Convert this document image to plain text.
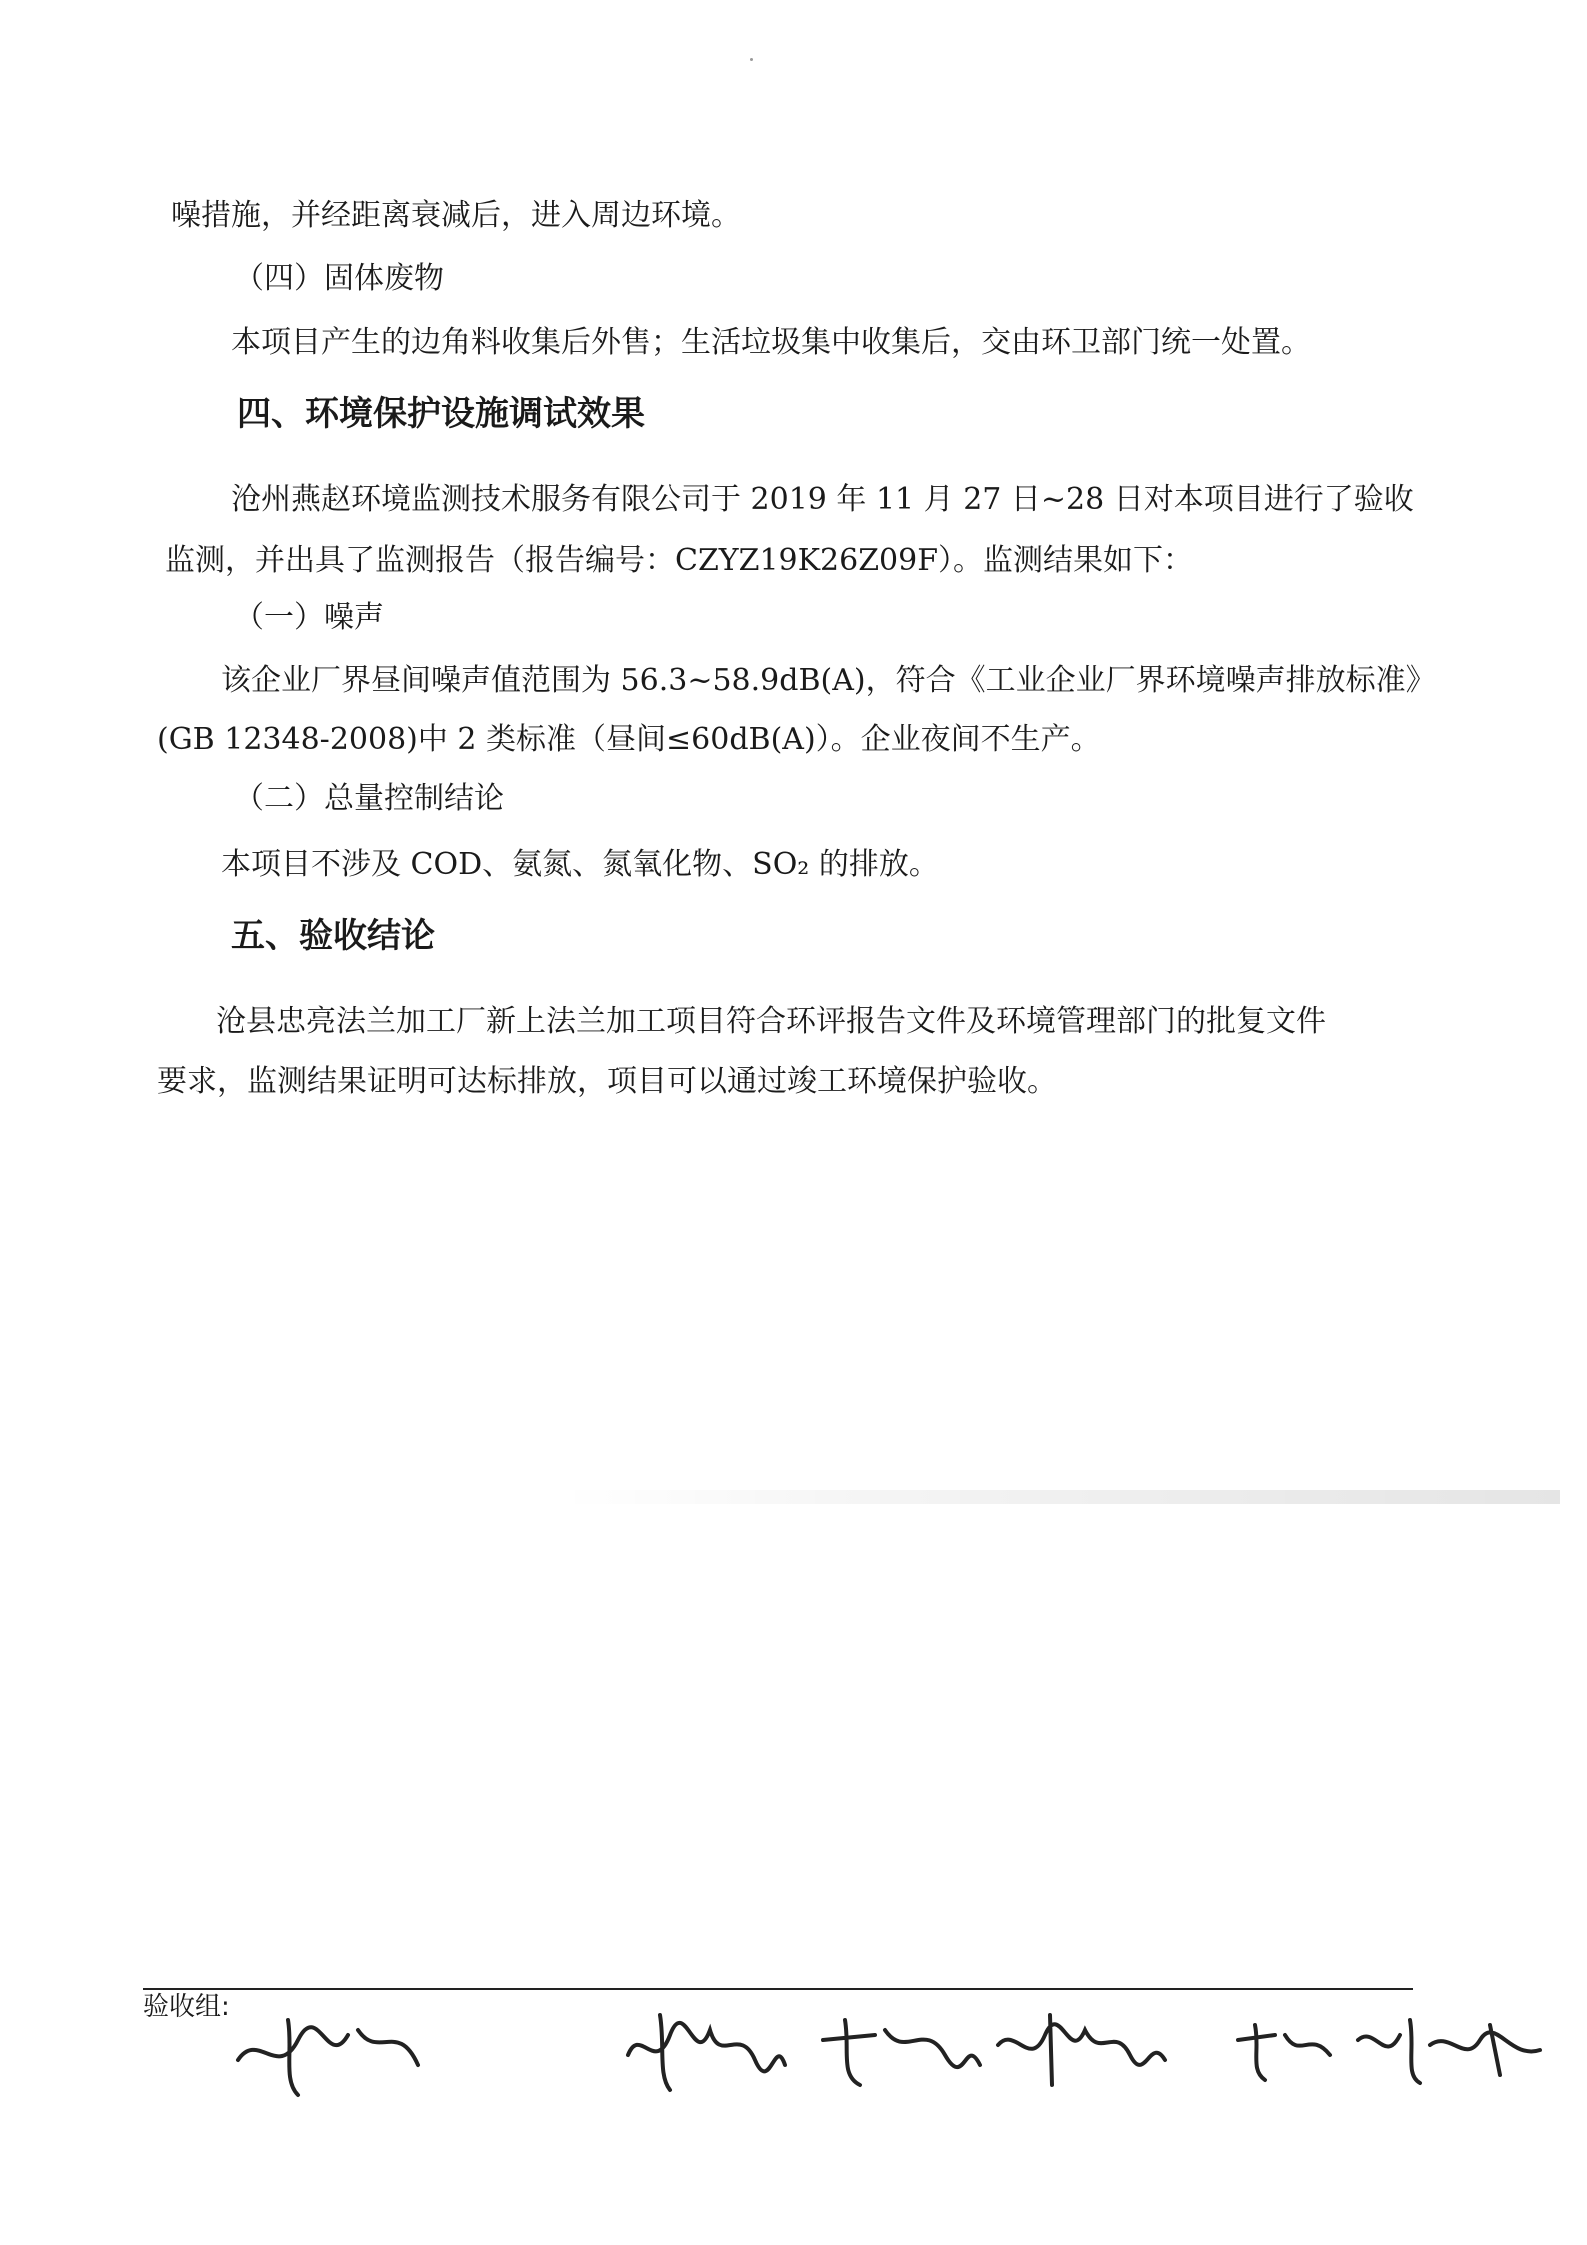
噪措施，并经距离衰减后，进入周边环境。
（四）固体废物
本项目产生的边角料收集后外售；生活垃圾集中收集后，交由环卫部门统一处置。
四、环境保护设施调试效果
沧州燕赵环境监测技术服务有限公司于 2019 年 11 月 27 日~28 日对本项目进行了验收
监测，并出具了监测报告（报告编号：CZYZ19K26Z09F）。监测结果如下：
（一）噪声
该企业厂界昼间噪声值范围为 56.3~58.9dB(A)，符合《工业企业厂界环境噪声排放标准》
(GB 12348-2008)中 2 类标准（昼间≤60dB(A)）。企业夜间不生产。
（二）总量控制结论
本项目不涉及 COD、氨氮、氮氧化物、SO₂ 的排放。
五、验收结论
沧县忠亮法兰加工厂新上法兰加工项目符合环评报告文件及环境管理部门的批复文件
要求，监测结果证明可达标排放，项目可以通过竣工环境保护验收。
验收组:
